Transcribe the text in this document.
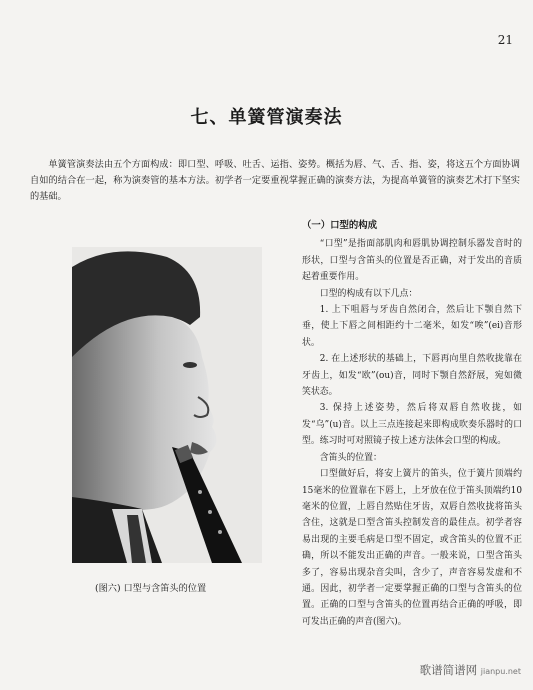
21
七、单簧管演奏法

单簧管演奏法由五个方面构成：即口型、呼吸、吐舌、运指、姿势。概括为唇、气、舌、指、姿，将这五个方面协调自如的结合在一起，称为演奏管的基本方法。初学者一定要重视掌握正确的演奏方法，为提高单簧管的演奏艺术打下坚实的基础。

(图六) 口型与含笛头的位置

（一）口型的构成

“口型”是指面部肌肉和唇肌协调控制乐器发音时的形状，口型与含笛头的位置是否正确，对于发出的音质起着重要作用。

口型的构成有以下几点：

1. 上下咀唇与牙齿自然闭合，然后让下颚自然下垂，使上下唇之间相距约十二毫米，如发“唉”(ei)音形状。

2. 在上述形状的基础上，下唇再向里自然收拢靠在牙齿上，如发“欧”(ou)音，同时下颚自然舒展，宛如微笑状态。

3. 保持上述姿势，然后将双唇自然收拢，如发“乌”(u)音。以上三点连接起来即构成吹奏乐器时的口型。练习时可对照镜子按上述方法体会口型的构成。

含笛头的位置：

口型做好后，将安上簧片的笛头，位于簧片顶端约15毫米的位置靠在下唇上，上牙放在位于笛头顶端约10毫米的位置，上唇自然贴住牙齿，双唇自然收拢将笛头含住，这就是口型含笛头控制发音的最佳点。初学者容易出现的主要毛病是口型不固定，或含笛头的位置不正确，所以不能发出正确的声音。一般来说，口型含笛头多了，容易出现杂音尖叫，含少了，声音容易发虚和不通。因此，初学者一定要掌握正确的口型与含笛头的位置。正确的口型与含笛头的位置再结合正确的呼吸，即可发出正确的声音(图六)。

歌谱简谱网 jianpu.net
